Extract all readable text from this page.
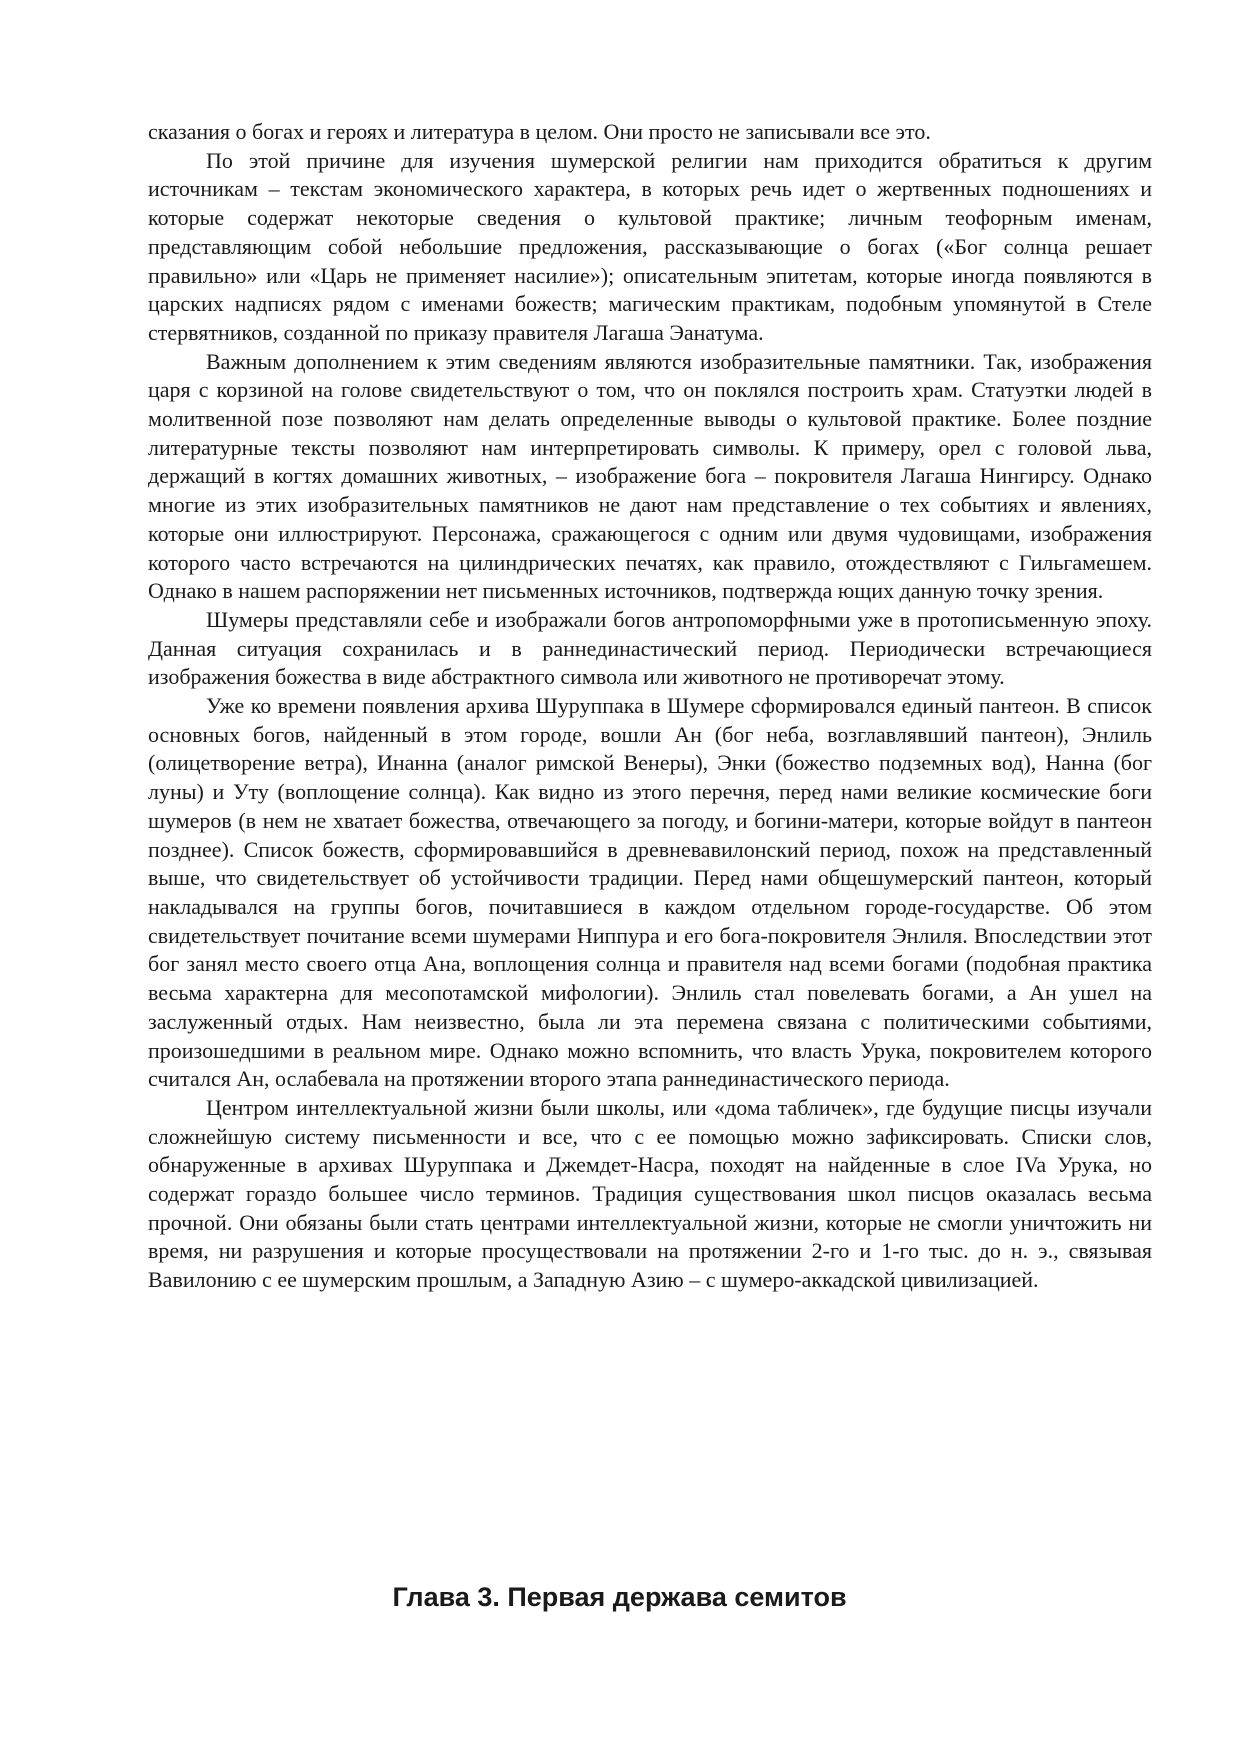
сказания о богах и героях и литература в целом. Они просто не записывали все это.

По этой причине для изучения шумерской религии нам приходится обратиться к другим источникам – текстам экономического характера, в которых речь идет о жертвенных подношениях и которые содержат некоторые сведения о культовой практике; личным теофорным именам, представляющим собой небольшие предложения, рассказывающие о богах («Бог солнца решает правильно» или «Царь не применяет насилие»); описательным эпитетам, которые иногда появляются в царских надписях рядом с именами божеств; магическим практикам, подобным упомянутой в Стеле стервятников, созданной по приказу правителя Лагаша Эанатума.

Важным дополнением к этим сведениям являются изобразительные памятники. Так, изображения царя с корзиной на голове свидетельствуют о том, что он поклялся построить храм. Статуэтки людей в молитвенной позе позволяют нам делать определенные выводы о культовой практике. Более поздние литературные тексты позволяют нам интерпретировать символы. К примеру, орел с головой льва, держащий в когтях домашних животных, – изображение бога – покровителя Лагаша Нингирсу. Однако многие из этих изобразительных памятников не дают нам представление о тех событиях и явлениях, которые они иллюстрируют. Персонажа, сражающегося с одним или двумя чудовищами, изображения которого часто встречаются на цилиндрических печатях, как правило, отождествляют с Гильгамешем. Однако в нашем распоряжении нет письменных источников, подтвержда ющих данную точку зрения.

Шумеры представляли себе и изображали богов антропоморфными уже в протописьменную эпоху. Данная ситуация сохранилась и в раннединастический период. Периодически встречающиеся изображения божества в виде абстрактного символа или животного не противоречат этому.

Уже ко времени появления архива Шуруппака в Шумере сформировался единый пантеон. В список основных богов, найденный в этом городе, вошли Ан (бог неба, возглавлявший пантеон), Энлиль (олицетворение ветра), Инанна (аналог римской Венеры), Энки (божество подземных вод), Нанна (бог луны) и Уту (воплощение солнца). Как видно из этого перечня, перед нами великие космические боги шумеров (в нем не хватает божества, отвечающего за погоду, и богини-матери, которые войдут в пантеон позднее). Список божеств, сформировавшийся в древневавилонский период, похож на представленный выше, что свидетельствует об устойчивости традиции. Перед нами общешумерский пантеон, который накладывался на группы богов, почитавшиеся в каждом отдельном городе-государстве. Об этом свидетельствует почитание всеми шумерами Ниппура и его бога-покровителя Энлиля. Впоследствии этот бог занял место своего отца Ана, воплощения солнца и правителя над всеми богами (подобная практика весьма характерна для месопотамской мифологии). Энлиль стал повелевать богами, а Ан ушел на заслуженный отдых. Нам неизвестно, была ли эта перемена связана с политическими событиями, произошедшими в реальном мире. Однако можно вспомнить, что власть Урука, покровителем которого считался Ан, ослабевала на протяжении второго этапа раннединастического периода.

Центром интеллектуальной жизни были школы, или «дома табличек», где будущие писцы изучали сложнейшую систему письменности и все, что с ее помощью можно зафиксировать. Списки слов, обнаруженные в архивах Шуруппака и Джемдет-Насра, походят на найденные в слое IVa Урука, но содержат гораздо большее число терминов. Традиция существования школ писцов оказалась весьма прочной. Они обязаны были стать центрами интеллектуальной жизни, которые не смогли уничтожить ни время, ни разрушения и которые просуществовали на протяжении 2-го и 1-го тыс. до н. э., связывая Вавилонию с ее шумерским прошлым, а Западную Азию – с шумеро-аккадской цивилизацией.

Глава 3. Первая держава семитов
